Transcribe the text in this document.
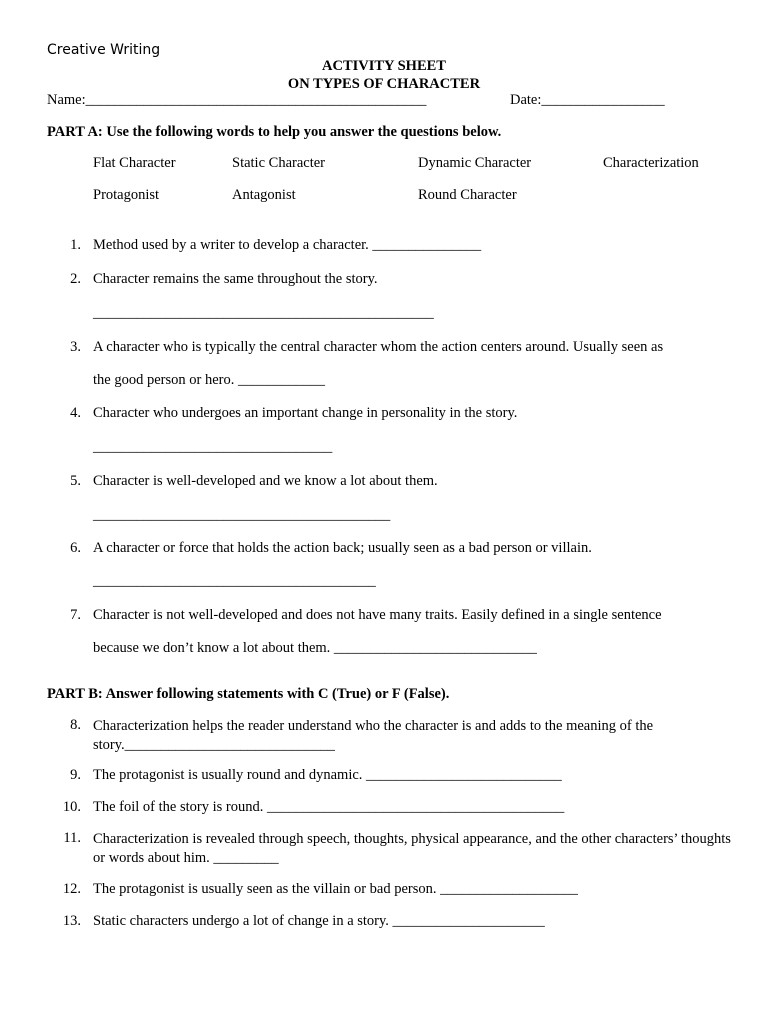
Creative Writing
ACTIVITY SHEET
ON TYPES OF CHARACTER
Name:_______________________________________________	Date:_________________
PART A: Use the following words to help you answer the questions below.
Flat Character	Static Character	Dynamic Character	Characterization
Protagonist	Antagonist	Round Character
1. Method used by a writer to develop a character. _______________
2. Character remains the same throughout the story.
_______________________________________________
3. A character who is typically the central character whom the action centers around. Usually seen as
the good person or hero. ____________
4. Character who undergoes an important change in personality in the story.
_________________________________
5. Character is well-developed and we know a lot about them.
_________________________________________
6. A character or force that holds the action back; usually seen as a bad person or villain.
_______________________________________
7. Character is not well-developed and does not have many traits. Easily defined in a single sentence
because we don’t know a lot about them. ____________________________
PART B: Answer following statements with C (True) or F (False).
8. Characterization helps the reader understand who the character is and adds to the meaning of the story._____________________________
9. The protagonist is usually round and dynamic. ___________________________
10. The foil of the story is round. _________________________________________
11. Characterization is revealed through speech, thoughts, physical appearance, and the other characters’ thoughts or words about him. _________
12. The protagonist is usually seen as the villain or bad person. ___________________
13. Static characters undergo a lot of change in a story. _____________________
